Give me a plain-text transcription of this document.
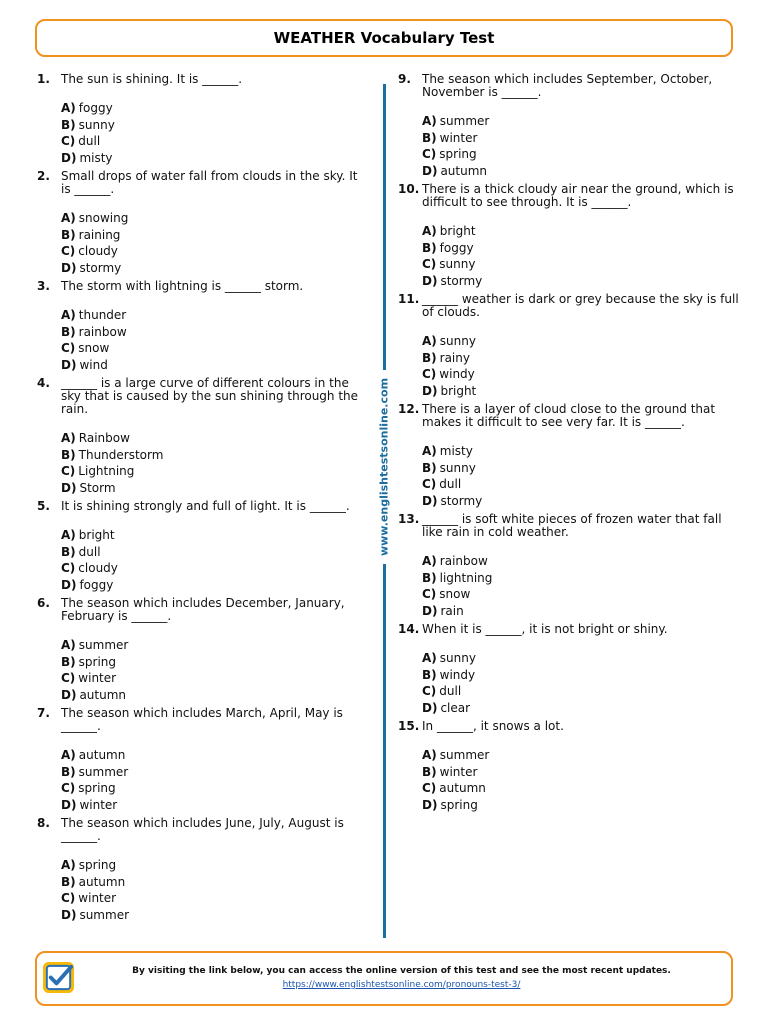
WEATHER Vocabulary Test
1. The sun is shining. It is ______.
A) foggy
B) sunny
C) dull
D) misty
2. Small drops of water fall from clouds in the sky. It is ______.
A) snowing
B) raining
C) cloudy
D) stormy
3. The storm with lightning is ______ storm.
A) thunder
B) rainbow
C) snow
D) wind
4. ______ is a large curve of different colours in the sky that is caused by the sun shining through the rain.
A) Rainbow
B) Thunderstorm
C) Lightning
D) Storm
5. It is shining strongly and full of light. It is ______.
A) bright
B) dull
C) cloudy
D) foggy
6. The season which includes December, January, February is ______.
A) summer
B) spring
C) winter
D) autumn
7. The season which includes March, April, May is ______.
A) autumn
B) summer
C) spring
D) winter
8. The season which includes June, July, August is ______.
A) spring
B) autumn
C) winter
D) summer
www.englishtestsonline.com
9. The season which includes September, October, November is ______.
A) summer
B) winter
C) spring
D) autumn
10. There is a thick cloudy air near the ground, which is difficult to see through. It is ______.
A) bright
B) foggy
C) sunny
D) stormy
11. ______ weather is dark or grey because the sky is full of clouds.
A) sunny
B) rainy
C) windy
D) bright
12. There is a layer of cloud close to the ground that makes it difficult to see very far. It is ______.
A) misty
B) sunny
C) dull
D) stormy
13. ______ is soft white pieces of frozen water that fall like rain in cold weather.
A) rainbow
B) lightning
C) snow
D) rain
14. When it is ______, it is not bright or shiny.
A) sunny
B) windy
C) dull
D) clear
15. In ______, it snows a lot.
A) summer
B) winter
C) autumn
D) spring
By visiting the link below, you can access the online version of this test and see the most recent updates.
https://www.englishtestsonline.com/pronouns-test-3/
